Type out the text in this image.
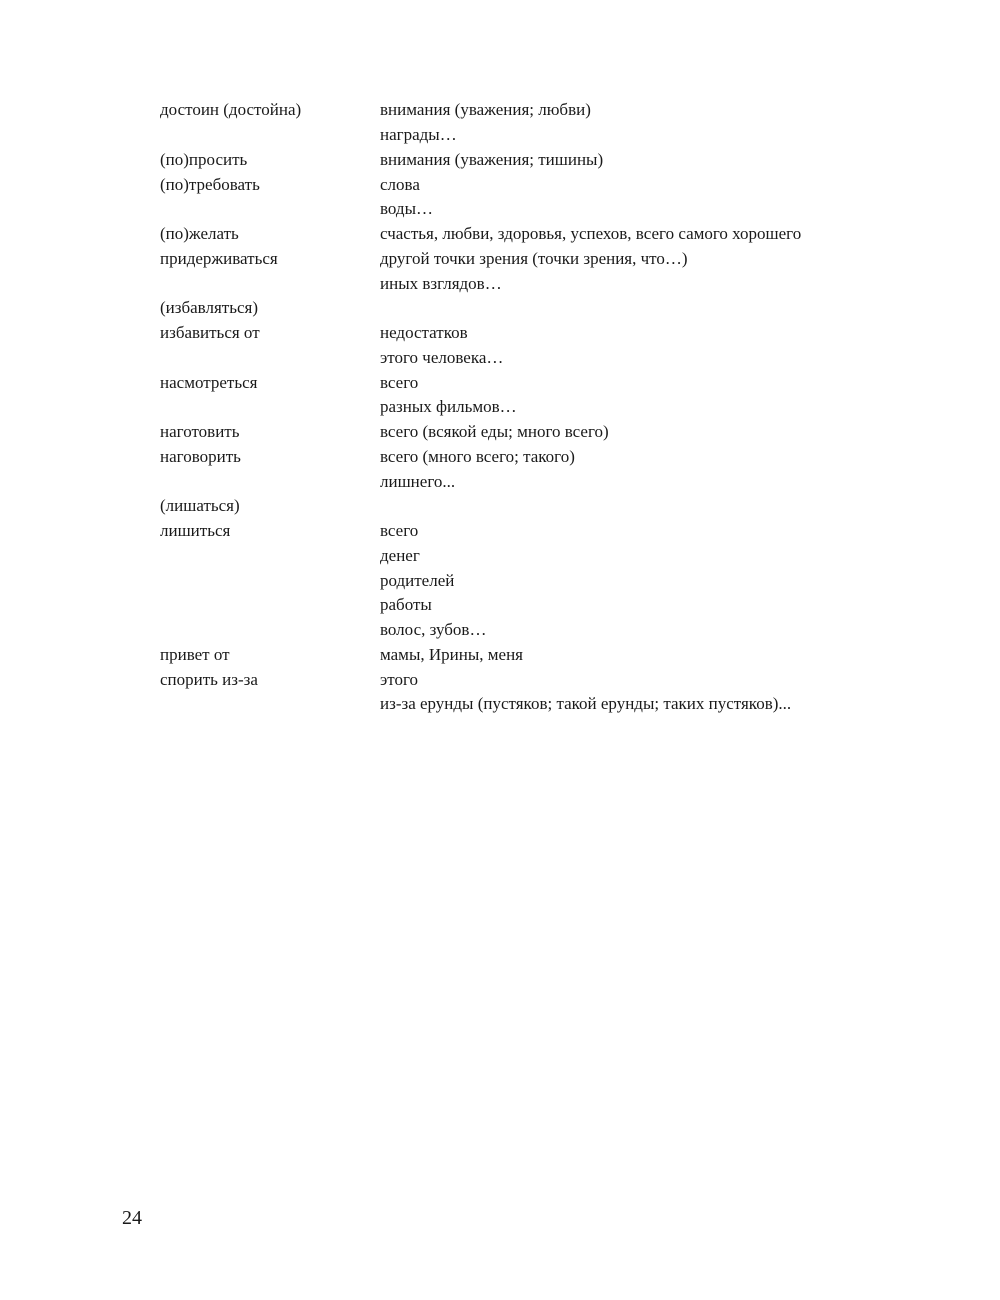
достоин (достойна)	внимания (уважения; любви)
награды…
(по)просить	внимания (уважения; тишины)
(по)требовать	слова
воды…
(по)желать	счастья, любви, здоровья, успехов, всего самого хорошего
придерживаться	другой точки зрения (точки зрения, что…)
иных взглядов…
(избавляться)
избавиться от	недостатков
этого человека…
насмотреться	всего
разных фильмов…
наготовить	всего (всякой еды; много всего)
наговорить	всего (много всего; такого)
лишнего...
(лишаться)
лишиться	всего
денег
родителей
работы
волос, зубов…
привет от	мамы, Ирины, меня
спорить из-за	этого
из-за ерунды (пустяков; такой ерунды; таких пустяков)...
24
